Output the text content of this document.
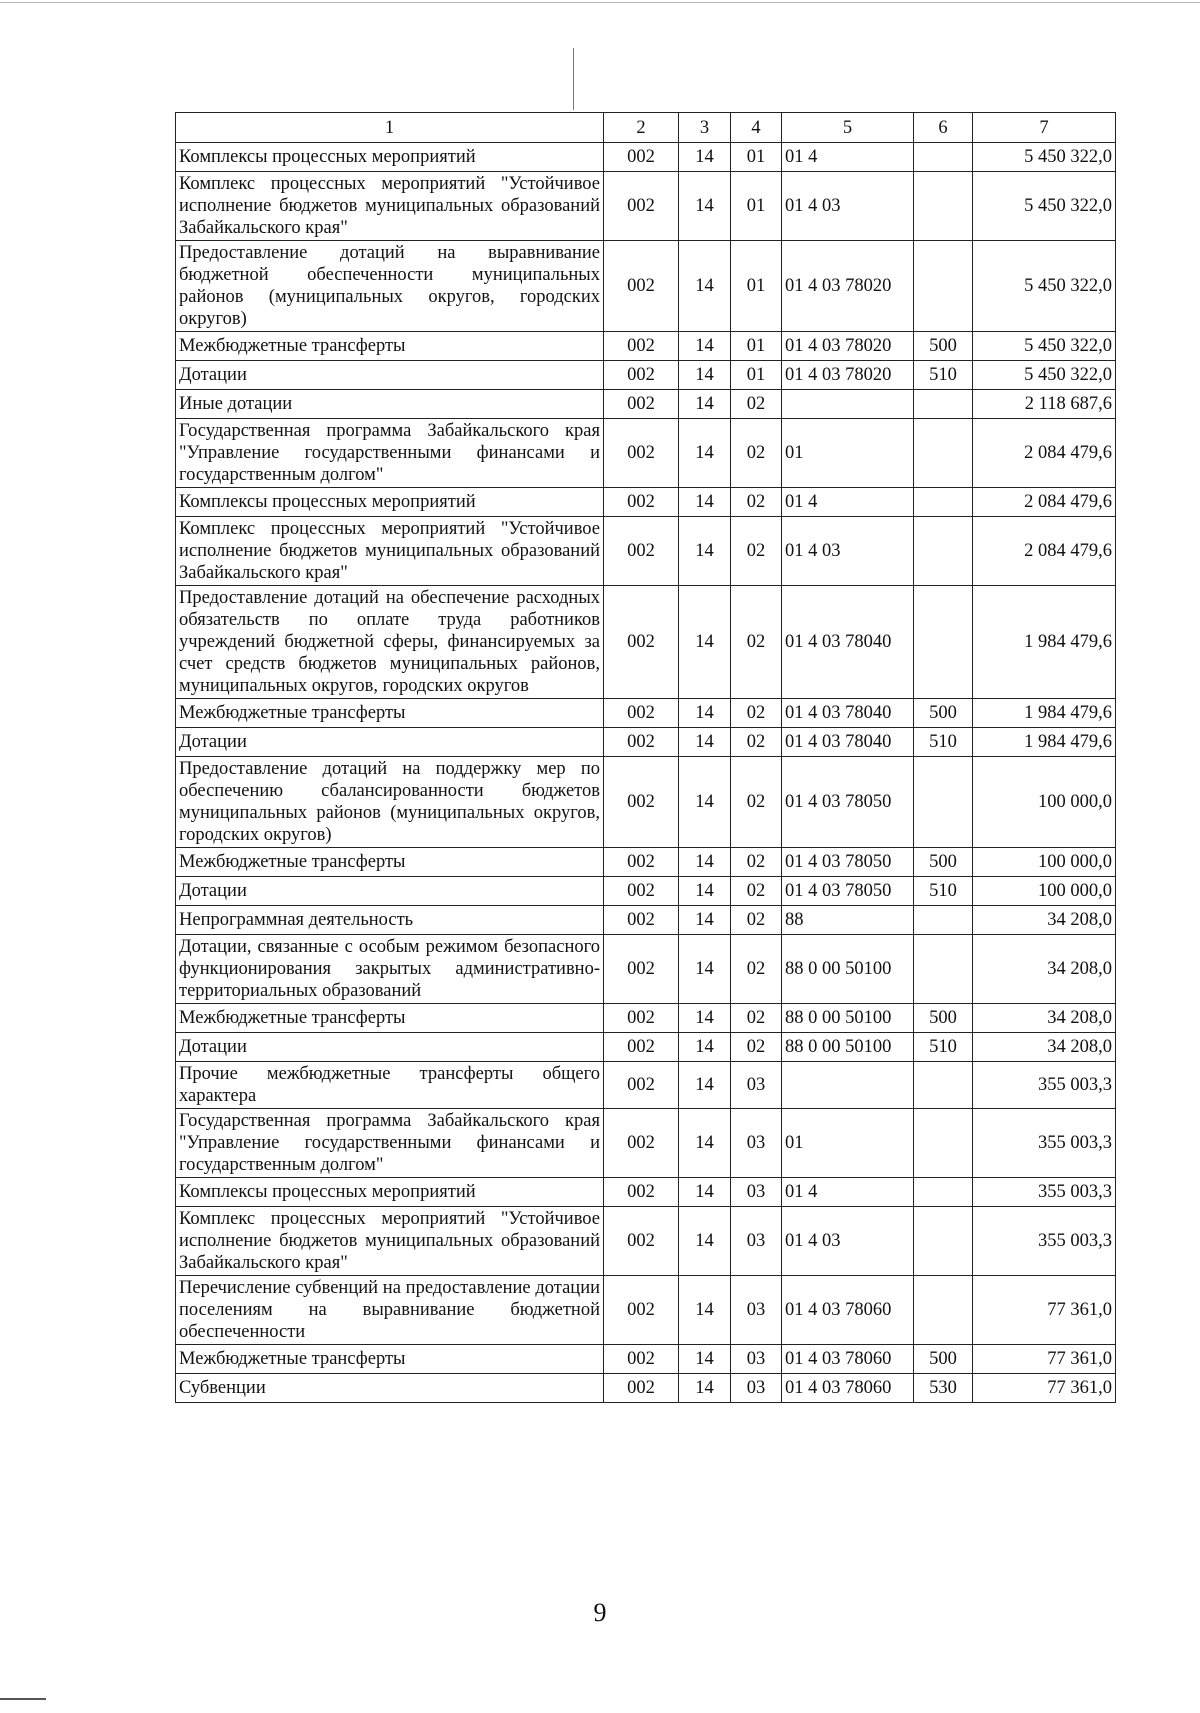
1	2	3	4	5	6	7
Комплексы процессных мероприятий	002	14	01	01 4		5 450 322,0
Комплекс процессных мероприятий "Устойчивое исполнение бюджетов муниципальных образований Забайкальского края"	002	14	01	01 4 03		5 450 322,0
Предоставление дотаций на выравнивание бюджетной обеспеченности муниципальных районов (муниципальных округов, городских округов)	002	14	01	01 4 03 78020		5 450 322,0
Межбюджетные трансферты	002	14	01	01 4 03 78020	500	5 450 322,0
Дотации	002	14	01	01 4 03 78020	510	5 450 322,0
Иные дотации	002	14	02			2 118 687,6
Государственная программа Забайкальского края "Управление государственными финансами и государственным долгом"	002	14	02	01		2 084 479,6
Комплексы процессных мероприятий	002	14	02	01 4		2 084 479,6
Комплекс процессных мероприятий "Устойчивое исполнение бюджетов муниципальных образований Забайкальского края"	002	14	02	01 4 03		2 084 479,6
Предоставление дотаций на обеспечение расходных обязательств по оплате труда работников учреждений бюджетной сферы, финансируемых за счет средств бюджетов муниципальных районов, муниципальных округов, городских округов	002	14	02	01 4 03 78040		1 984 479,6
Межбюджетные трансферты	002	14	02	01 4 03 78040	500	1 984 479,6
Дотации	002	14	02	01 4 03 78040	510	1 984 479,6
Предоставление дотаций на поддержку мер по обеспечению сбалансированности бюджетов муниципальных районов (муниципальных округов, городских округов)	002	14	02	01 4 03 78050		100 000,0
Межбюджетные трансферты	002	14	02	01 4 03 78050	500	100 000,0
Дотации	002	14	02	01 4 03 78050	510	100 000,0
Непрограммная деятельность	002	14	02	88		34 208,0
Дотации, связанные с особым режимом безопасного функционирования закрытых административно-территориальных образований	002	14	02	88 0 00 50100		34 208,0
Межбюджетные трансферты	002	14	02	88 0 00 50100	500	34 208,0
Дотации	002	14	02	88 0 00 50100	510	34 208,0
Прочие межбюджетные трансферты общего характера	002	14	03			355 003,3
Государственная программа Забайкальского края "Управление государственными финансами и государственным долгом"	002	14	03	01		355 003,3
Комплексы процессных мероприятий	002	14	03	01 4		355 003,3
Комплекс процессных мероприятий "Устойчивое исполнение бюджетов муниципальных образований Забайкальского края"	002	14	03	01 4 03		355 003,3
Перечисление субвенций на предоставление дотации поселениям на выравнивание бюджетной обеспеченности	002	14	03	01 4 03 78060		77 361,0
Межбюджетные трансферты	002	14	03	01 4 03 78060	500	77 361,0
Субвенции	002	14	03	01 4 03 78060	530	77 361,0
9
